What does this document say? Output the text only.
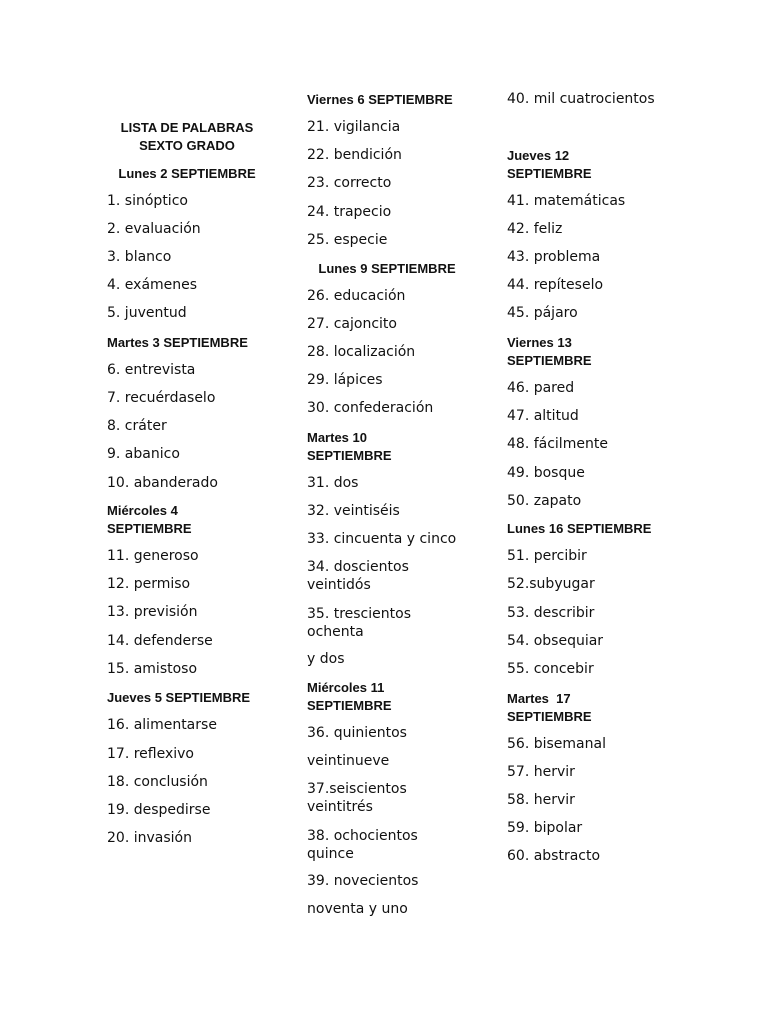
LISTA DE PALABRAS
SEXTO GRADO
Lunes 2 SEPTIEMBRE
1. sinóptico
2. evaluación
3. blanco
4. exámenes
5. juventud
Martes 3 SEPTIEMBRE
6. entrevista
7. recuérdaselo
8. cráter
9. abanico
10. abanderado
Miércoles 4
SEPTIEMBRE
11. generoso
12. permiso
13. previsión
14. defenderse
15. amistoso
Jueves 5 SEPTIEMBRE
16. alimentarse
17. reflexivo
18. conclusión
19. despedirse
20. invasión
Viernes 6 SEPTIEMBRE
21. vigilancia
22. bendición
23. correcto
24. trapecio
25. especie
Lunes 9 SEPTIEMBRE
26. educación
27. cajoncito
28. localización
29. lápices
30. confederación
Martes 10
SEPTIEMBRE
31. dos
32. veintiséis
33. cincuenta y cinco
34. doscientos veintidós
35. trescientos ochenta
y dos
Miércoles 11
SEPTIEMBRE
36. quinientos
veintinueve
37.seiscientos veintitrés
38. ochocientos quince
39. novecientos
noventa y uno
40. mil cuatrocientos
Jueves 12
SEPTIEMBRE
41. matemáticas
42. feliz
43. problema
44. repíteselo
45. pájaro
Viernes 13
SEPTIEMBRE
46. pared
47. altitud
48. fácilmente
49. bosque
50. zapato
Lunes 16 SEPTIEMBRE
51. percibir
52.subyugar
53. describir
54. obsequiar
55. concebir
Martes  17
SEPTIEMBRE
56. bisemanal
57. hervir
58. hervir
59. bipolar
60. abstracto
